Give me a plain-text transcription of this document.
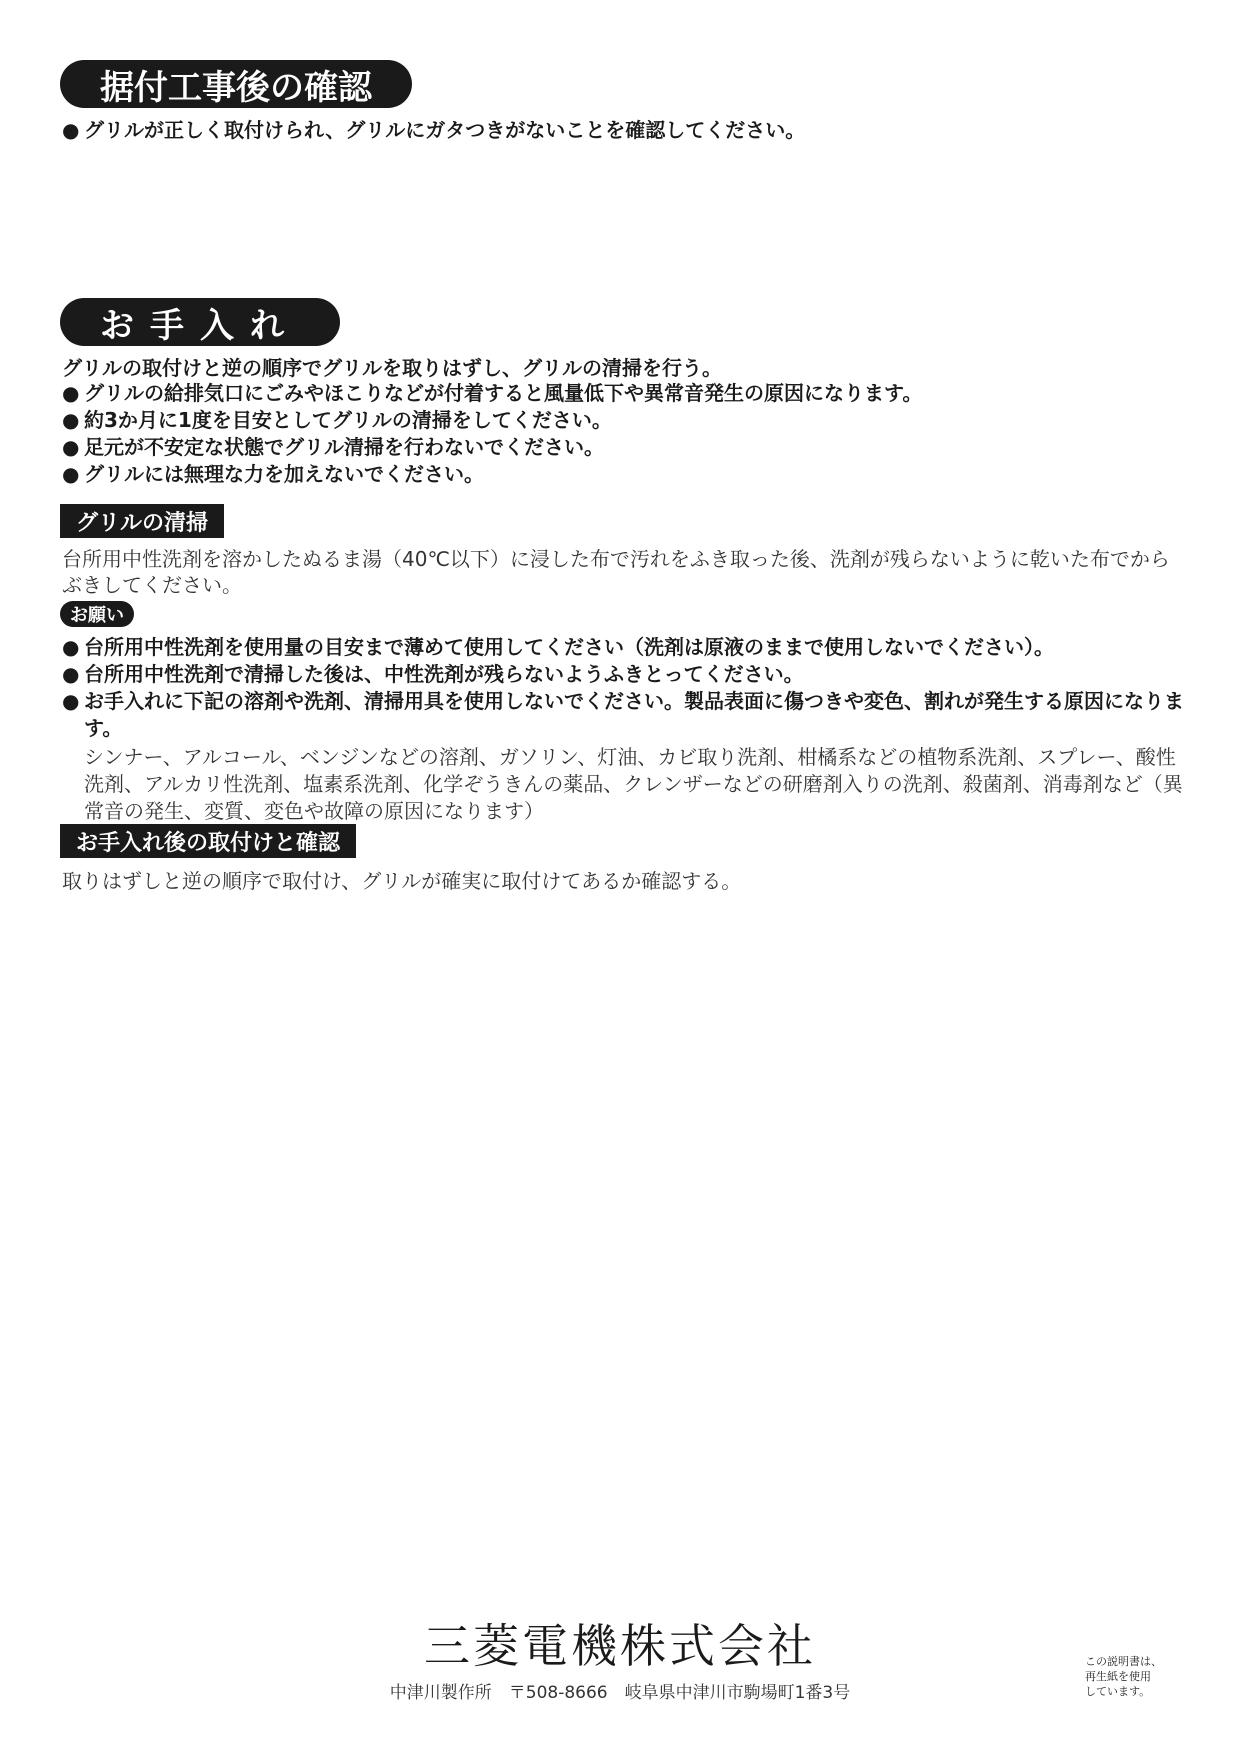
据付工事後の確認
● グリルが正しく取付けられ、グリルにガタつきがないことを確認してください。
お手入れ
グリルの取付けと逆の順序でグリルを取りはずし、グリルの清掃を行う。
● グリルの給排気口にごみやほこりなどが付着すると風量低下や異常音発生の原因になります。
● 約3か月に1度を目安としてグリルの清掃をしてください。
● 足元が不安定な状態でグリル清掃を行わないでください。
● グリルには無理な力を加えないでください。
グリルの清掃
台所用中性洗剤を溶かしたぬるま湯（40℃以下）に浸した布で汚れをふき取った後、洗剤が残らないように乾いた布でからぶきしてください。
お願い
● 台所用中性洗剤を使用量の目安まで薄めて使用してください（洗剤は原液のままで使用しないでください）。
● 台所用中性洗剤で清掃した後は、中性洗剤が残らないようふきとってください。
● お手入れに下記の溶剤や洗剤、清掃用具を使用しないでください。製品表面に傷つきや変色、割れが発生する原因になります。
シンナー、アルコール、ベンジンなどの溶剤、ガソリン、灯油、カビ取り洗剤、柑橘系などの植物系洗剤、スプレー、酸性洗剤、アルカリ性洗剤、塩素系洗剤、化学ぞうきんの薬品、クレンザーなどの研磨剤入りの洗剤、殺菌剤、消毒剤など（異常音の発生、変質、変色や故障の原因になります）
お手入れ後の取付けと確認
取りはずしと逆の順序で取付け、グリルが確実に取付けてあるか確認する。
三菱電機株式会社
中津川製作所　〒508-8666　岐阜県中津川市駒場町1番3号
この説明書は、
再生紙を使用
しています。
